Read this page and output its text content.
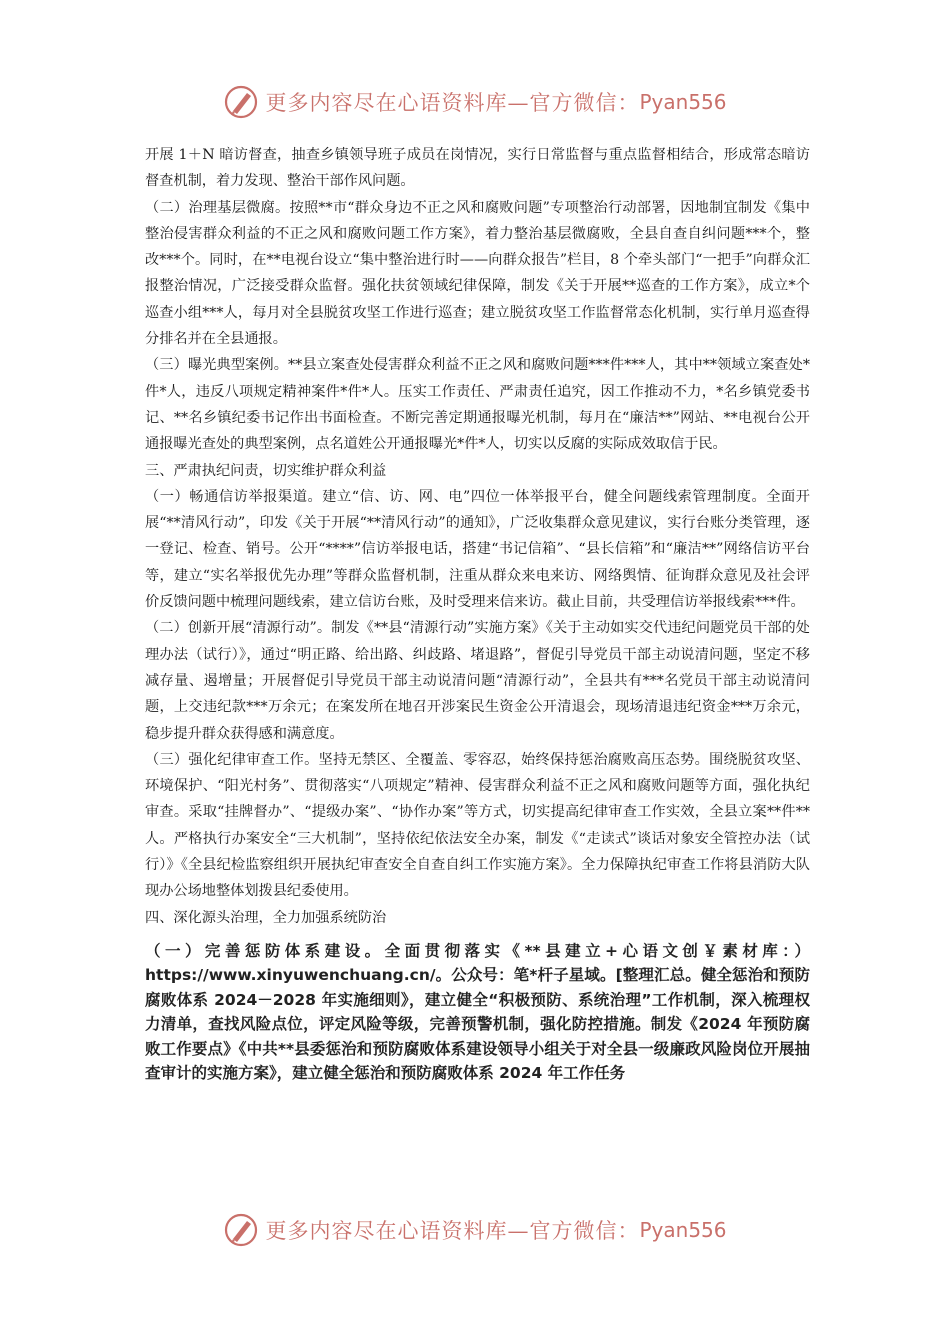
更多内容尽在心语资料库—官方微信： Pyan556

开展 1＋N 暗访督查，抽查乡镇领导班子成员在岗情况，实行日常监督与重点监督相结合，形成常态暗访督查机制，着力发现、整治干部作风问题。

（二）治理基层微腐。按照**市“群众身边不正之风和腐败问题”专项整治行动部署，因地制宜制发《集中整治侵害群众利益的不正之风和腐败问题工作方案》，着力整治基层微腐败，全县自查自纠问题***个，整改***个。同时，在**电视台设立“集中整治进行时——向群众报告”栏目，8 个牵头部门“一把手”向群众汇报整治情况，广泛接受群众监督。强化扶贫领域纪律保障，制发《关于开展**巡查的工作方案》，成立*个巡查小组***人，每月对全县脱贫攻坚工作进行巡查；建立脱贫攻坚工作监督常态化机制，实行单月巡查得分排名并在全县通报。

（三）曝光典型案例。**县立案查处侵害群众利益不正之风和腐败问题***件***人，其中**领域立案查处*件*人，违反八项规定精神案件*件*人。压实工作责任、严肃责任追究，因工作推动不力，*名乡镇党委书记、**名乡镇纪委书记作出书面检查。不断完善定期通报曝光机制，每月在“廉洁**”网站、**电视台公开通报曝光查处的典型案例，点名道姓公开通报曝光*件*人，切实以反腐的实际成效取信于民。

三、严肃执纪问责，切实维护群众利益

（一）畅通信访举报渠道。建立“信、访、网、电”四位一体举报平台，健全问题线索管理制度。全面开展“**清风行动”，印发《关于开展“**清风行动”的通知》，广泛收集群众意见建议，实行台账分类管理，逐一登记、检查、销号。公开“****”信访举报电话，搭建“书记信箱”、“县长信箱”和“廉洁**”网络信访平台等，建立“实名举报优先办理”等群众监督机制，注重从群众来电来访、网络舆情、征询群众意见及社会评价反馈问题中梳理问题线索，建立信访台账，及时受理来信来访。截止目前，共受理信访举报线索***件。

（二）创新开展“清源行动”。制发《**县“清源行动”实施方案》《关于主动如实交代违纪问题党员干部的处理办法（试行）》，通过“明正路、给出路、纠歧路、堵退路”，督促引导党员干部主动说清问题，坚定不移减存量、遏增量；开展督促引导党员干部主动说清问题“清源行动”，全县共有***名党员干部主动说清问题，上交违纪款***万余元；在案发所在地召开涉案民生资金公开清退会，现场清退违纪资金***万余元，稳步提升群众获得感和满意度。

（三）强化纪律审查工作。坚持无禁区、全覆盖、零容忍，始终保持惩治腐败高压态势。围绕脱贫攻坚、环境保护、“阳光村务”、贯彻落实“八项规定”精神、侵害群众利益不正之风和腐败问题等方面，强化执纪审查。采取“挂牌督办”、“提级办案”、“协作办案”等方式，切实提高纪律审查工作实效，全县立案**件**人。严格执行办案安全“三大机制”，坚持依纪依法安全办案，制发《“走读式”谈话对象安全管控办法（试行）》《全县纪检监察组织开展执纪审查安全自查自纠工作实施方案》。全力保障执纪审查工作将县消防大队现办公场地整体划拨县纪委使用。

四、深化源头治理，全力加强系统防治

（一）完善惩防体系建设。全面贯彻落实《**县建立+心语文创￥素材库：）https://www.xinyuwenchuang.cn/。公众号：笔*杆子星域。[整理汇总。健全惩治和预防腐败体系 2024－2028 年实施细则》，建立健全“积极预防、系统治理”工作机制，深入梳理权力清单，查找风险点位，评定风险等级，完善预警机制，强化防控措施。制发《2024 年预防腐败工作要点》《中共**县委惩治和预防腐败体系建设领导小组关于对全县一级廉政风险岗位开展抽查审计的实施方案》，建立健全惩治和预防腐败体系 2024 年工作任务

更多内容尽在心语资料库—官方微信： Pyan556
